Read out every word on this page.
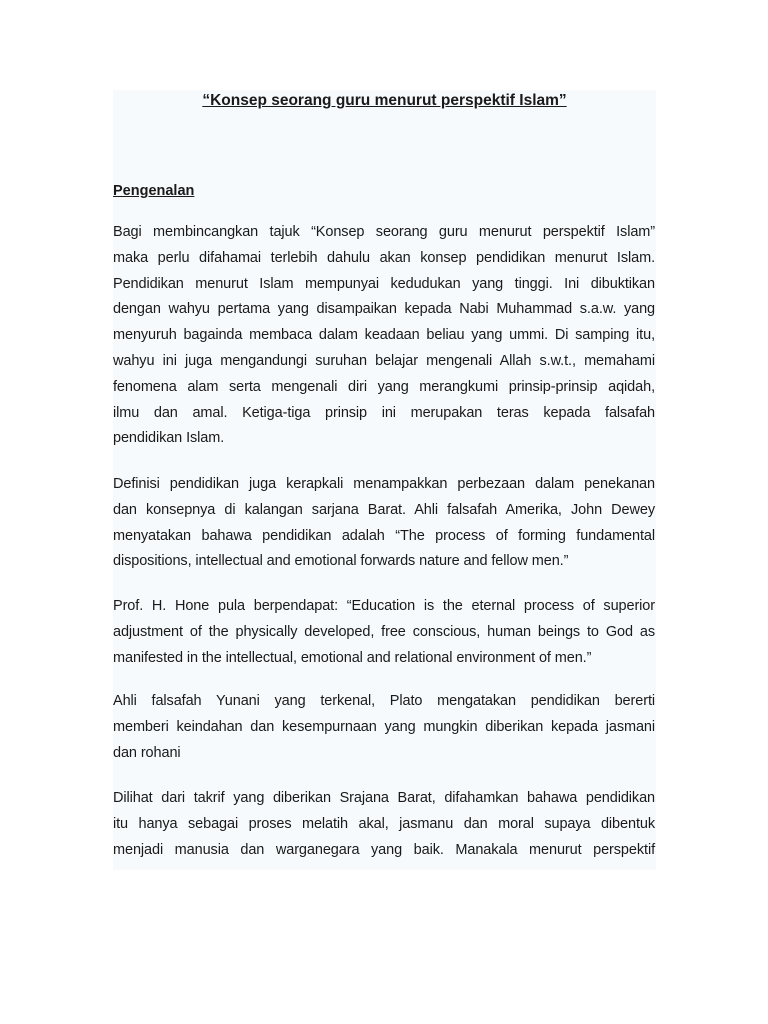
“Konsep seorang guru menurut perspektif Islam”
Pengenalan

Bagi membincangkan tajuk “Konsep seorang guru menurut perspektif Islam”
maka perlu difahamai terlebih dahulu akan konsep pendidikan menurut Islam.
Pendidikan menurut Islam mempunyai kedudukan yang tinggi. Ini dibuktikan
dengan wahyu pertama yang disampaikan kepada Nabi Muhammad s.a.w. yang
menyuruh bagainda membaca dalam keadaan beliau yang ummi. Di samping itu,
wahyu ini juga mengandungi suruhan belajar mengenali Allah s.w.t., memahami
fenomena alam serta mengenali diri yang merangkumi prinsip-prinsip aqidah,
ilmu dan amal. Ketiga-tiga prinsip ini merupakan teras kepada falsafah
pendidikan Islam.

Definisi pendidikan juga kerapkali menampakkan perbezaan dalam penekanan
dan konsepnya di kalangan sarjana Barat. Ahli falsafah Amerika, John Dewey
menyatakan bahawa pendidikan adalah “The process of forming fundamental
dispositions, intellectual and emotional forwards nature and fellow men.”

Prof. H. Hone pula berpendapat: “Education is the eternal process of superior
adjustment of the physically developed, free conscious, human beings to God as
manifested in the intellectual, emotional and relational environment of men.”

Ahli falsafah Yunani yang terkenal, Plato mengatakan pendidikan bererti
memberi keindahan dan kesempurnaan yang mungkin diberikan kepada jasmani
dan rohani

Dilihat dari takrif yang diberikan Srajana Barat, difahamkan bahawa pendidikan
itu hanya sebagai proses melatih akal, jasmanu dan moral supaya dibentuk
menjadi manusia dan warganegara yang baik. Manakala menurut perspektif
